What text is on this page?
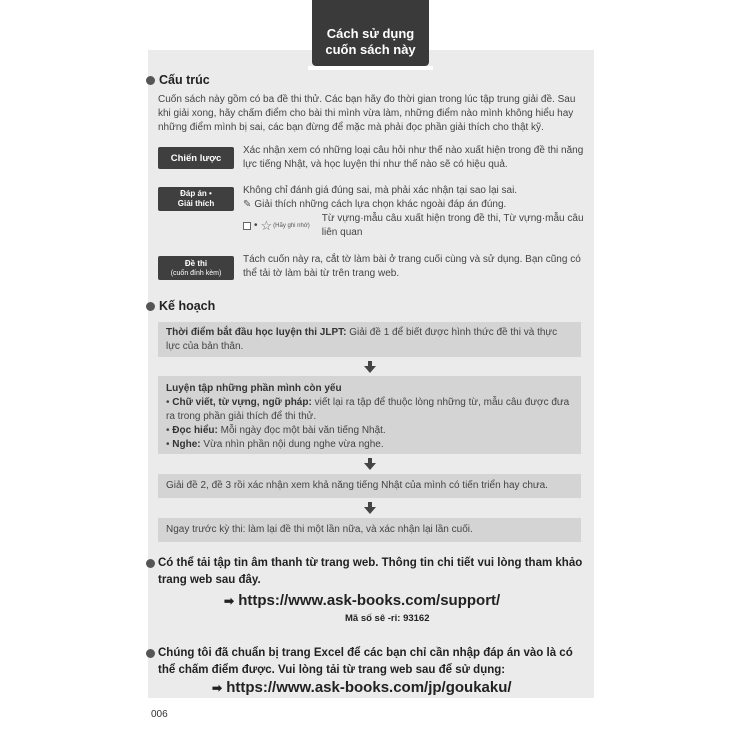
Cách sử dụng
cuốn sách này
Cấu trúc
Cuốn sách này gồm có ba đề thi thử. Các bạn hãy đo thời gian trong lúc tập trung giải đề. Sau khi giải xong, hãy chấm điểm cho bài thi mình vừa làm, những điểm nào mình không hiểu hay những điểm mình bị sai, các bạn đừng để mặc mà phải đọc phần giải thích cho thật kỹ.
Chiến lược
Xác nhận xem có những loại câu hỏi như thế nào xuất hiện trong đề thi năng lực tiếng Nhật, và học luyện thi như thế nào sẽ có hiệu quả.
Đáp án •
Giải thích
Không chỉ đánh giá đúng sai, mà phải xác nhận tại sao lại sai.
✎ Giải thích những cách lựa chọn khác ngoài đáp án đúng.
• ☆ (Hãy ghi nhớ)
Từ vựng·mẫu câu xuất hiện trong đề thi, Từ vựng·mẫu câu liên quan
Đề thi
(cuốn đính kèm)
Tách cuốn này ra, cắt tờ làm bài ở trang cuối cùng và sử dụng. Bạn cũng có thể tải tờ làm bài từ trên trang web.
Kế hoạch
Thời điểm bắt đầu học luyện thi JLPT: Giải đề 1 để biết được hình thức đề thi và thực lực của bản thân.
Luyện tập những phần mình còn yếu
• Chữ viết, từ vựng, ngữ pháp: viết lại ra tập để thuộc lòng những từ, mẫu câu được đưa ra trong phần giải thích để thi thử.
• Đọc hiểu: Mỗi ngày đọc một bài văn tiếng Nhật.
• Nghe: Vừa nhìn phần nội dung nghe vừa nghe.
Giải đề 2, đề 3 rồi xác nhận xem khả năng tiếng Nhật của mình có tiến triển hay chưa.
Ngay trước kỳ thi: làm lại đề thi một lần nữa, và xác nhận lại lần cuối.
Có thể tải tập tin âm thanh từ trang web. Thông tin chi tiết vui lòng tham khảo trang web sau đây.
➡ https://www.ask-books.com/support/
Mã số sê -ri: 93162
Chúng tôi đã chuẩn bị trang Excel để các bạn chỉ cần nhập đáp án vào là có thể chấm điểm được. Vui lòng tải từ trang web sau để sử dụng:
➡ https://www.ask-books.com/jp/goukaku/
006
